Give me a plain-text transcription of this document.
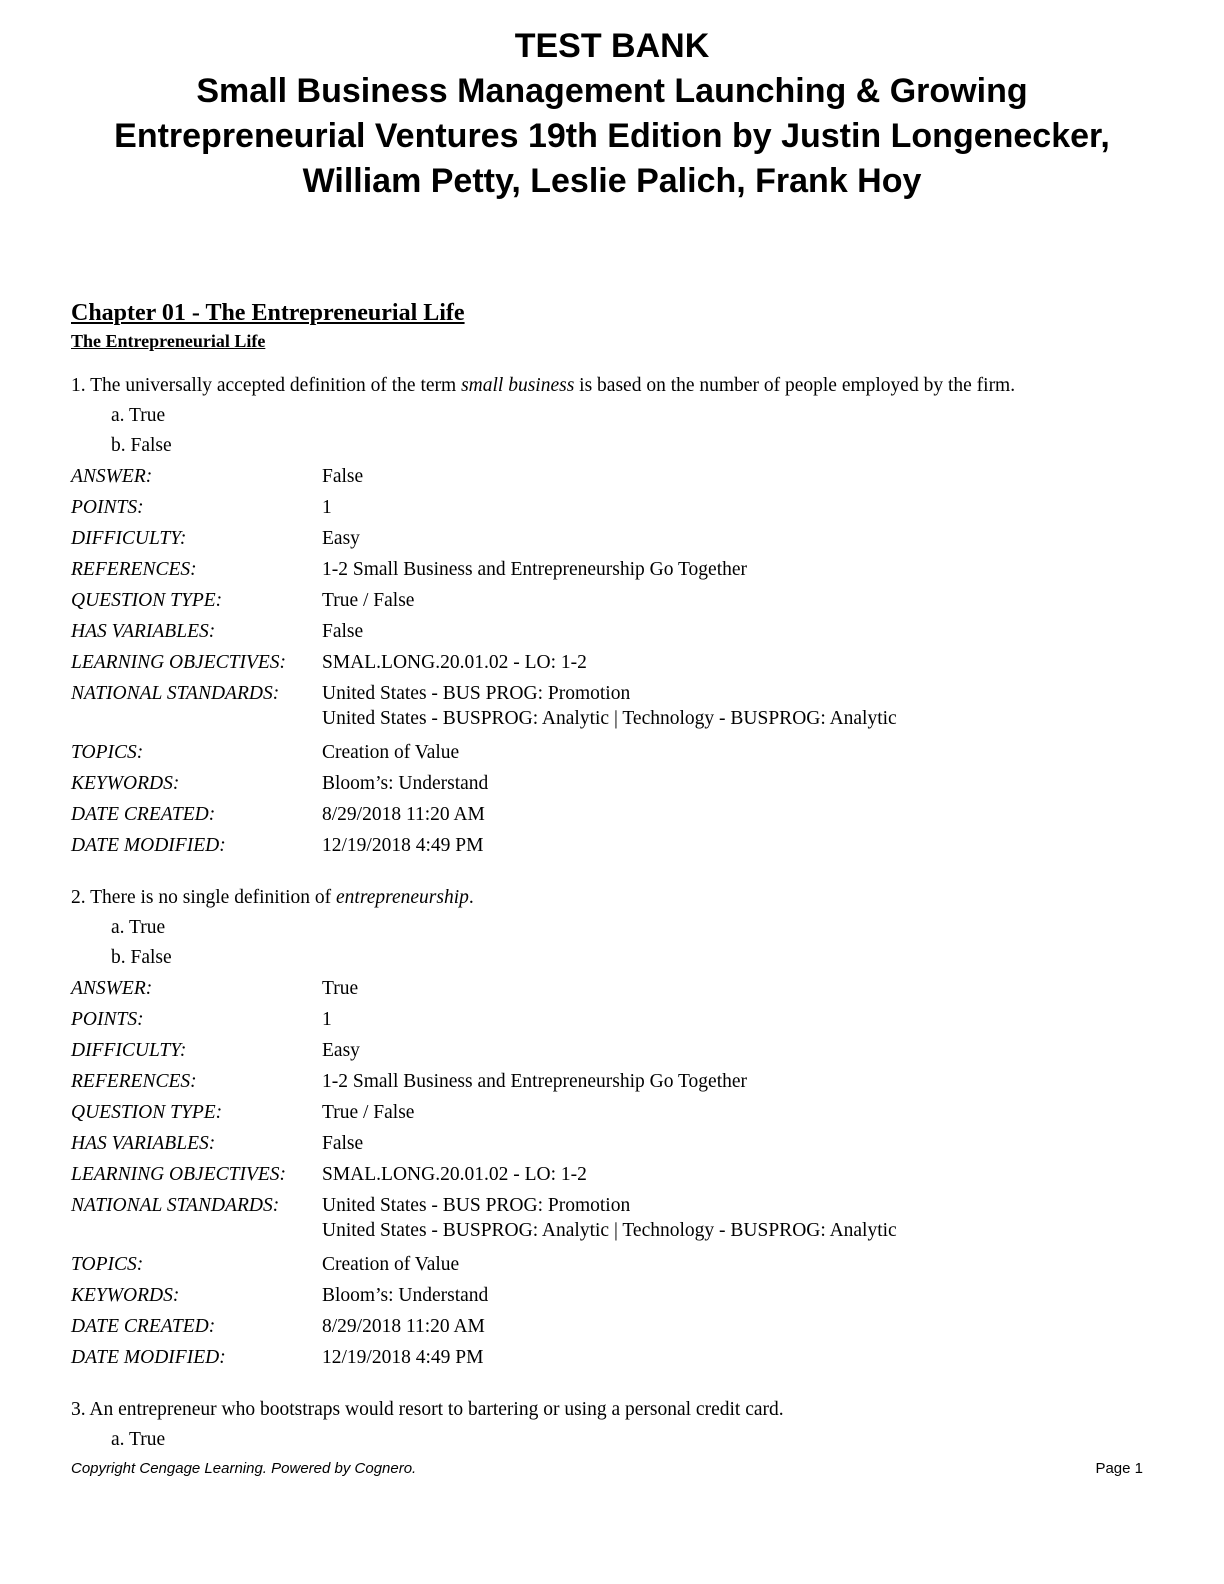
TEST BANK
Small Business Management Launching & Growing
Entrepreneurial Ventures 19th Edition by Justin Longenecker,
William Petty, Leslie Palich, Frank Hoy
Chapter 01 - The Entrepreneurial Life
The Entrepreneurial Life
1. The universally accepted definition of the term small business is based on the number of people employed by the firm.
a. True
b. False
ANSWER:	False

POINTS:	1

DIFFICULTY:	Easy

REFERENCES:	1-2 Small Business and Entrepreneurship Go Together

QUESTION TYPE:	True / False

HAS VARIABLES:	False

LEARNING OBJECTIVES:	SMAL.LONG.20.01.02 - LO: 1-2

NATIONAL STANDARDS:	United States - BUS PROG: Promotion
United States - BUSPROG: Analytic | Technology - BUSPROG: Analytic

TOPICS:	Creation of Value

KEYWORDS:	Bloom’s: Understand

DATE CREATED:	8/29/2018 11:20 AM

DATE MODIFIED:	12/19/2018 4:49 PM
2. There is no single definition of entrepreneurship.
a. True
b. False
ANSWER:	True

POINTS:	1

DIFFICULTY:	Easy

REFERENCES:	1-2 Small Business and Entrepreneurship Go Together

QUESTION TYPE:	True / False

HAS VARIABLES:	False

LEARNING OBJECTIVES:	SMAL.LONG.20.01.02 - LO: 1-2

NATIONAL STANDARDS:	United States - BUS PROG: Promotion
United States - BUSPROG: Analytic | Technology - BUSPROG: Analytic

TOPICS:	Creation of Value

KEYWORDS:	Bloom’s: Understand

DATE CREATED:	8/29/2018 11:20 AM

DATE MODIFIED:	12/19/2018 4:49 PM
3. An entrepreneur who bootstraps would resort to bartering or using a personal credit card.
a. True
Copyright Cengage Learning. Powered by Cognero.	Page 1
